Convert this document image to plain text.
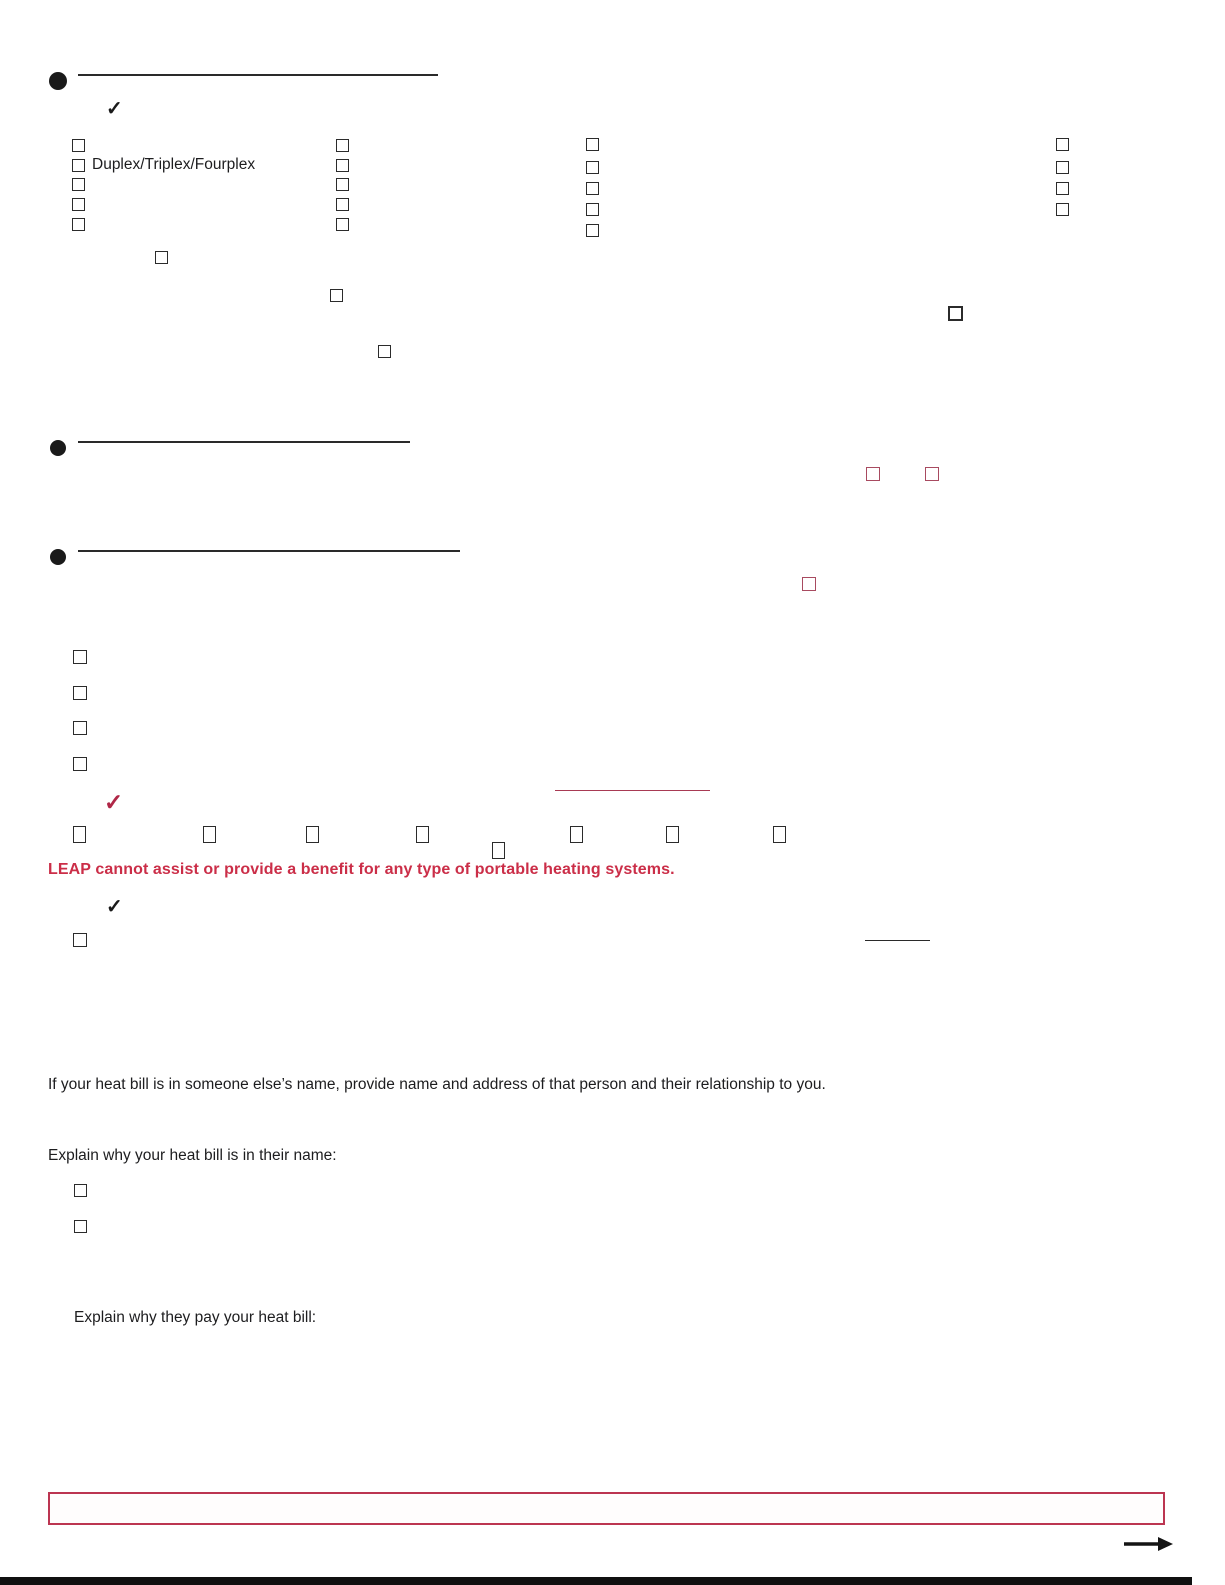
✓
Duplex/Triplex/Fourplex
✓
LEAP cannot assist or provide a benefit for any type of portable heating systems.
✓
If your heat bill is in someone else’s name, provide name and address of that person and their relationship to you.
Explain why your heat bill is in their name:
Explain why they pay your heat bill:
